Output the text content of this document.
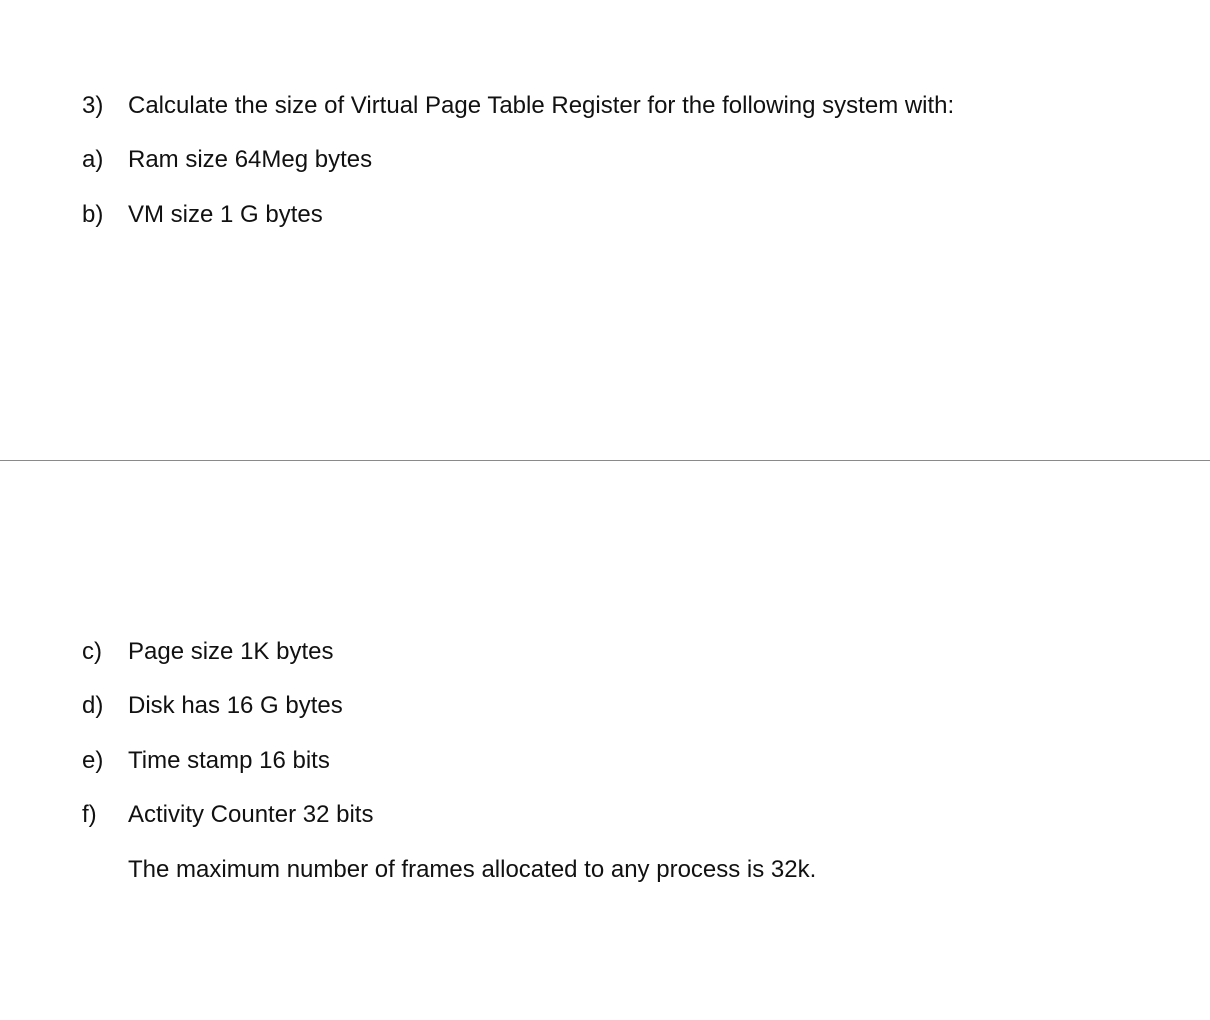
3) Calculate the size of Virtual Page Table Register for the following system with:
a) Ram size 64Meg bytes
b) VM size 1 G bytes
c) Page size 1K bytes
d) Disk has 16 G bytes
e) Time stamp 16 bits
f) Activity Counter 32 bits
The maximum number of frames allocated to any process is 32k.
